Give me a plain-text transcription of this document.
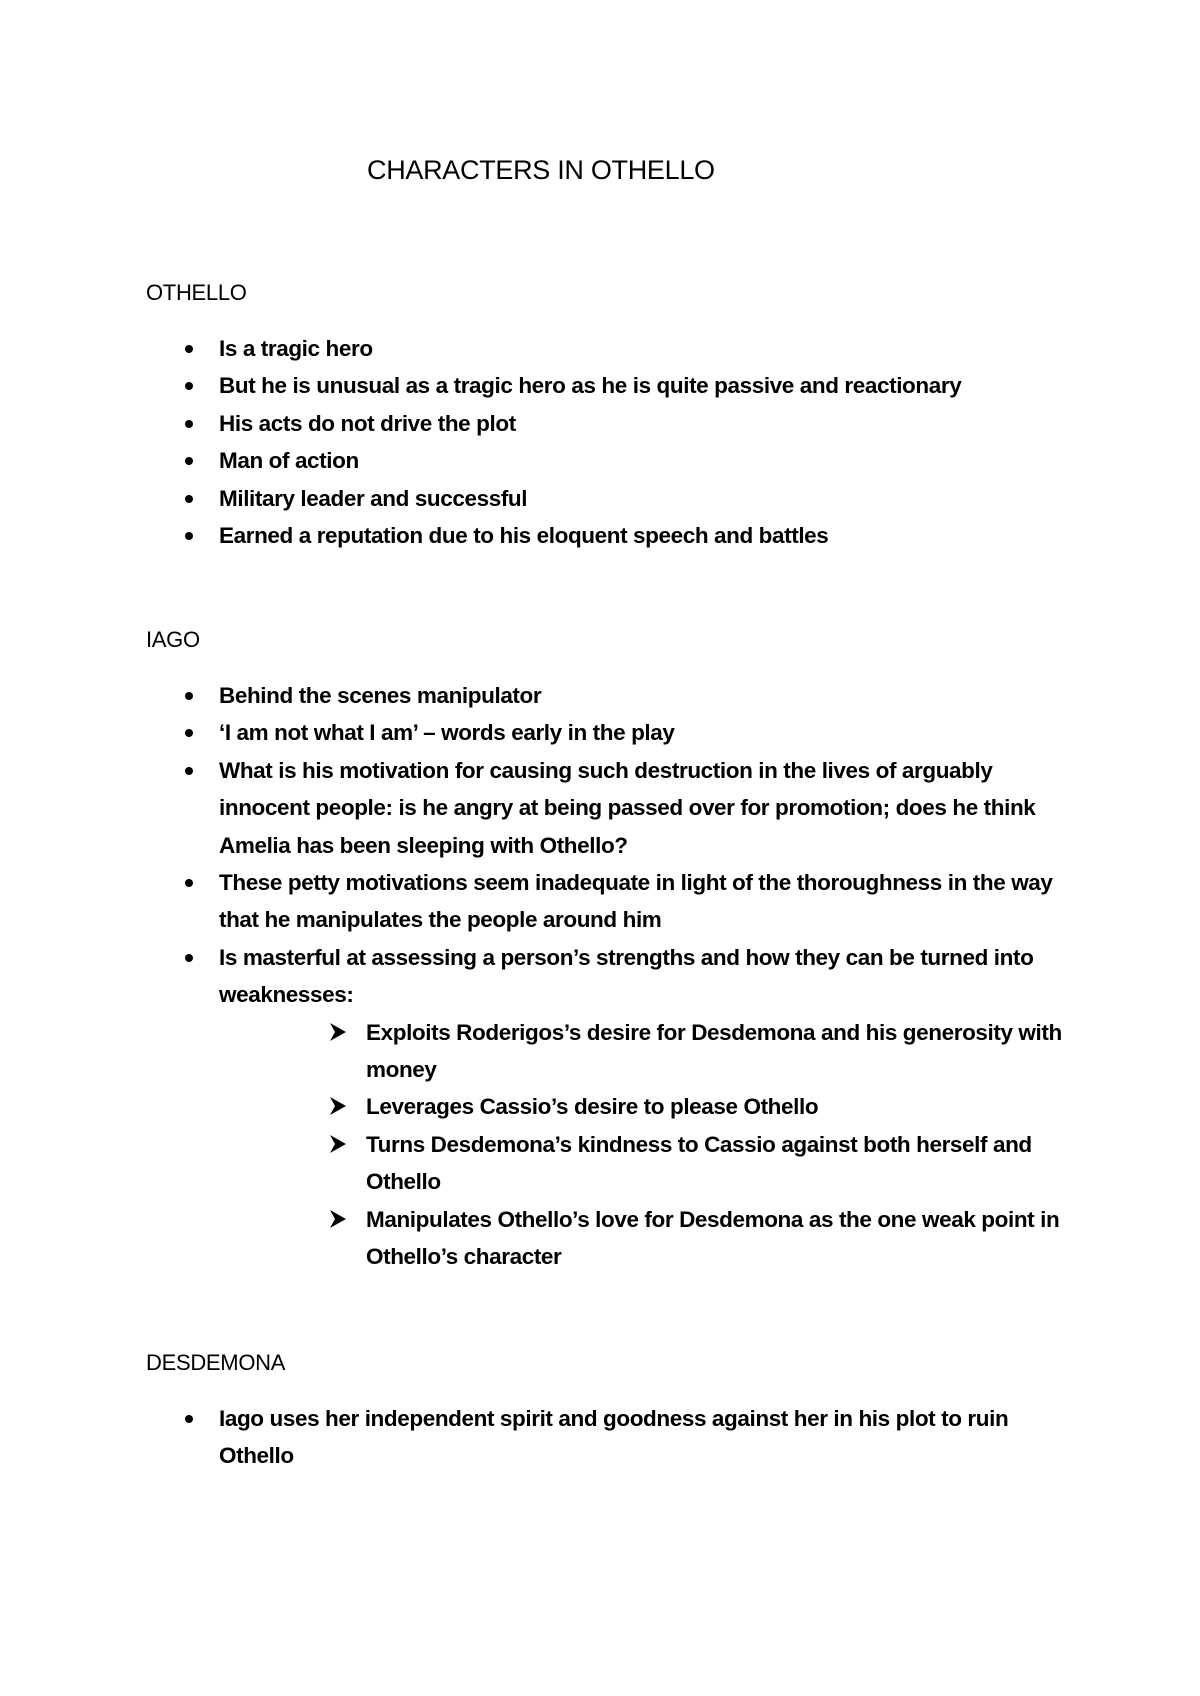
CHARACTERS IN OTHELLO
OTHELLO
Is a tragic hero
But he is unusual as a tragic hero as he is quite passive and reactionary
His acts do not drive the plot
Man of action
Military leader and successful
Earned a reputation due to his eloquent speech and battles
IAGO
Behind the scenes manipulator
‘I am not what I am’ – words early in the play
What is his motivation for causing such destruction in the lives of arguably innocent people: is he angry at being passed over for promotion; does he think Amelia has been sleeping with Othello?
These petty motivations seem inadequate in light of the thoroughness in the way that he manipulates the people around him
Is masterful at assessing a person’s strengths and how they can be turned into weaknesses:
Exploits Roderigos’s desire for Desdemona and his generosity with money
Leverages Cassio’s desire to please Othello
Turns Desdemona’s kindness to Cassio against both herself and Othello
Manipulates Othello’s love for Desdemona as the one weak point in Othello’s character
DESDEMONA
Iago uses her independent spirit and goodness against her in his plot to ruin Othello
